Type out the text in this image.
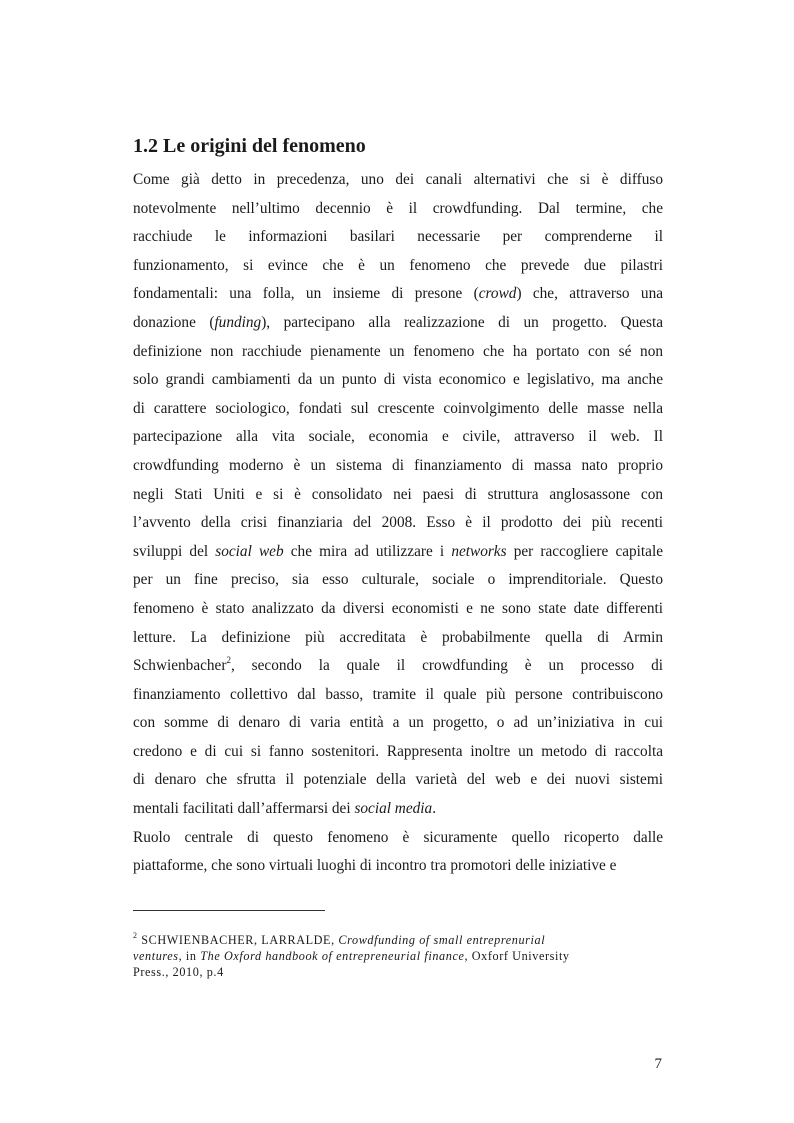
1.2 Le origini del fenomeno
Come già detto in precedenza, uno dei canali alternativi che si è diffuso
notevolmente nell’ultimo decennio è il crowdfunding. Dal termine, che
racchiude le informazioni basilari necessarie per comprenderne il
funzionamento, si evince che è un fenomeno che prevede due pilastri
fondamentali: una folla, un insieme di presone (crowd) che, attraverso una
donazione (funding), partecipano alla realizzazione di un progetto. Questa
definizione non racchiude pienamente un fenomeno che ha portato con sé non
solo grandi cambiamenti da un punto di vista economico e legislativo, ma anche
di carattere sociologico, fondati sul crescente coinvolgimento delle masse nella
partecipazione alla vita sociale, economia e civile, attraverso il web. Il
crowdfunding moderno è un sistema di finanziamento di massa nato proprio
negli Stati Uniti e si è consolidato nei paesi di struttura anglosassone con
l’avvento della crisi finanziaria del 2008. Esso è il prodotto dei più recenti
sviluppi del social web che mira ad utilizzare i networks per raccogliere capitale
per un fine preciso, sia esso culturale, sociale o imprenditoriale. Questo
fenomeno è stato analizzato da diversi economisti e ne sono state date differenti
letture. La definizione più accreditata è probabilmente quella di Armin
Schwienbacher$^2$, secondo la quale il crowdfunding è un processo di
finanziamento collettivo dal basso, tramite il quale più persone contribuiscono
con somme di denaro di varia entità a un progetto, o ad un’iniziativa in cui
credono e di cui si fanno sostenitori. Rappresenta inoltre un metodo di raccolta
di denaro che sfrutta il potenziale della varietà del web e dei nuovi sistemi
mentali facilitati dall’affermarsi dei social media.
Ruolo centrale di questo fenomeno è sicuramente quello ricoperto dalle
piattaforme, che sono virtuali luoghi di incontro tra promotori delle iniziative e
$^2$ SCHWIENBACHER, LARRALDE, Crowdfunding of small entreprenurial
ventures, in The Oxford handbook of entrepreneurial finance, Oxforf University
Press., 2010, p.4
7
